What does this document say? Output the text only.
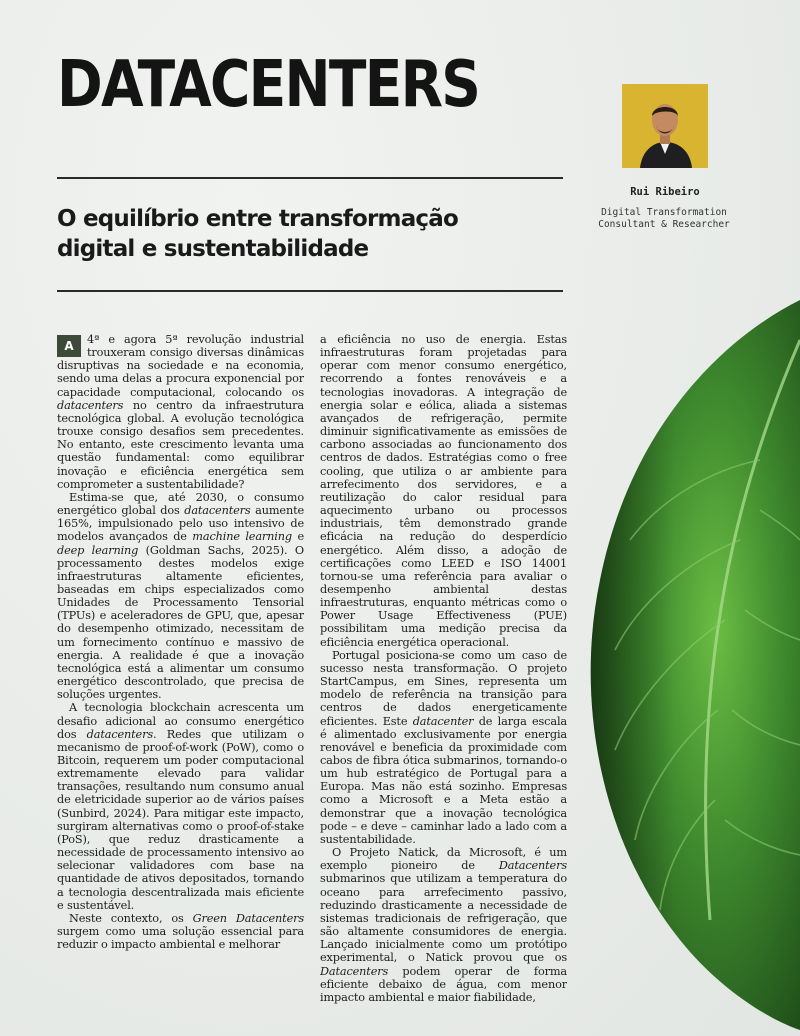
DATACENTERS
O equilíbrio entre transformação digital e sustentabilidade
Rui Ribeiro
Digital Transformation Consultant & Researcher

A	4ª e agora 5ª revolução industrial trouxeram consigo diversas dinâmicas disruptivas na sociedade e na economia, sendo uma delas a procura exponencial por capacidade computacional, colocando os datacenters no centro da infraestrutura tecnológica global. A evolução tecnológica trouxe consigo desafios sem precedentes. No entanto, este crescimento levanta uma questão fundamental: como equilibrar inovação e eficiência energética sem comprometer a sustentabilidade?

Estima-se que, até 2030, o consumo energético global dos datacenters aumente 165%, impulsionado pelo uso intensivo de modelos avançados de machine learning e deep learning (Goldman Sachs, 2025). O processamento destes modelos exige infraestruturas altamente eficientes, baseadas em chips especializados como Unidades de Processamento Tensorial (TPUs) e aceleradores de GPU, que, apesar do desempenho otimizado, necessitam de um fornecimento contínuo e massivo de energia. A realidade é que a inovação tecnológica está a alimentar um consumo energético descontrolado, que precisa de soluções urgentes.

A tecnologia blockchain acrescenta um desafio adicional ao consumo energético dos datacenters. Redes que utilizam o mecanismo de proof-of-work (PoW), como o Bitcoin, requerem um poder computacional extremamente elevado para validar transações, resultando num consumo anual de eletricidade superior ao de vários países (Sunbird, 2024). Para mitigar este impacto, surgiram alternativas como o proof-of-stake (PoS), que reduz drasticamente a necessidade de processamento intensivo ao selecionar validadores com base na quantidade de ativos depositados, tornando a tecnologia descentralizada mais eficiente e sustentável.

Neste contexto, os Green Datacenters surgem como uma solução essencial para reduzir o impacto ambiental e melhorar

a eficiência no uso de energia. Estas infraestruturas foram projetadas para operar com menor consumo energético, recorrendo a fontes renováveis e a tecnologias inovadoras. A integração de energia solar e eólica, aliada a sistemas avançados de refrigeração, permite diminuir significativamente as emissões de carbono associadas ao funcionamento dos centros de dados. Estratégias como o free cooling, que utiliza o ar ambiente para arrefecimento dos servidores, e a reutilização do calor residual para aquecimento urbano ou processos industriais, têm demonstrado grande eficácia na redução do desperdício energético. Além disso, a adoção de certificações como LEED e ISO 14001 tornou-se uma referência para avaliar o desempenho ambiental destas infraestruturas, enquanto métricas como o Power Usage Effectiveness (PUE) possibilitam uma medição precisa da eficiência energética operacional.

Portugal posiciona-se como um caso de sucesso nesta transformação. O projeto StartCampus, em Sines, representa um modelo de referência na transição para centros de dados energeticamente eficientes. Este datacenter de larga escala é alimentado exclusivamente por energia renovável e beneficia da proximidade com cabos de fibra ótica submarinos, tornando-o um hub estratégico de Portugal para a Europa. Mas não está sozinho. Empresas como a Microsoft e a Meta estão a demonstrar que a inovação tecnológica pode – e deve – caminhar lado a lado com a sustentabilidade.

O Projeto Natick, da Microsoft, é um exemplo pioneiro de Datacenters submarinos que utilizam a temperatura do oceano para arrefecimento passivo, reduzindo drasticamente a necessidade de sistemas tradicionais de refrigeração, que são altamente consumidores de energia. Lançado inicialmente como um protótipo experimental, o Natick provou que os Datacenters podem operar de forma eficiente debaixo de água, com menor impacto ambiental e maior fiabilidade,
